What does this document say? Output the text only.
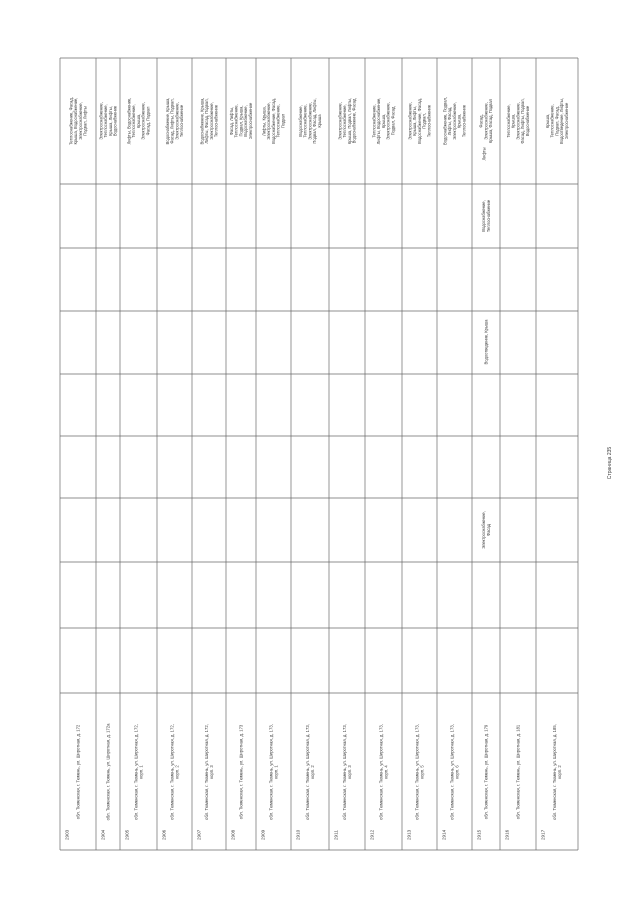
2903
обл. Тюменская, г. Тюмень, ул. Широтная, д. 172
Теплоснабжение, Фасад, Крыша, Водоснабжение, Электроснабжение, Подвал, Лифты
2904
обл. Тюменская, г. Тюмень, ул. Широтная, д. 172а
Электроснабжение, Теплоснабжение, Крыша, Лифты, Водоснабжение
2905
обл. Тюменская, г. Тюмень, ул. Широтная, д. 172, корп. 1
Лифты, Водоснабжение, Теплоснабжение, Крыша, Электроснабжение, Фасад, Подвал
2906
обл. Тюменская, г. Тюмень, ул. Широтная, д. 172, корп. 2
Водоснабжение, Крыша, Фасад, Лифты, Подвал, Электроснабжение, Теплоснабжение
2907
обл. Тюменская, г. Тюмень, ул. Широтная, д. 172, корп. 3
Водоснабжение, Крыша, Лифты, Фасад, Подвал, Электроснабжение, Теплоснабжение
2908
обл. Тюменская, г. Тюмень, ул. Широтная, д. 173
Фасад, Лифты, Теплоснабжение, Подвал, Крыша, Водоснабжение, Электроснабжение
2909
обл. Тюменская, г. Тюмень, ул. Широтная, д. 173, корп. 1
Лифты, Крыша, Электроснабжение, Водоснабжение, Фасад, Теплоснабжение, Подвал
2910
обл. Тюменская, г. Тюмень, ул. Широтная, д. 173, корп. 2
Водоснабжение, Теплоснабжение, Электроснабжение, Подвал, Фасад, Лифты, Крыша
2911
обл. Тюменская, г. Тюмень, ул. Широтная, д. 173, корп. 3
Электроснабжение, Теплоснабжение, Крыша, Подвал, Лифты, Водоснабжение, Фасад
2912
обл. Тюменская, г. Тюмень, ул. Широтная, д. 173, корп. 4
Теплоснабжение, Лифты, Водоснабжение, Крыша, Электроснабжение, Подвал, Фасад
2913
обл. Тюменская, г. Тюмень, ул. Широтная, д. 173, корп. 5
Электроснабжение, Крыша, Лифты, Водоснабжение, Фасад, Подвал, Теплоснабжение
2914
обл. Тюменская, г. Тюмень, ул. Широтная, д. 173, корп. 6
Водоснабжение, Подвал, Лифты, Фасад, Электроснабжение, Крыша, Теплоснабжение
2915
обл. Тюменская, г. Тюмень, ул. Широтная, д. 179
Фасад, Электроснабжение, Крыша, Фасад, Подвал
Электроснабжение, Фасад
Водоотведение, Крыша
Водоснабжение, Теплоснабжение
Лифты
2916
обл. Тюменская, г. Тюмень, ул. Широтная, д. 181
Теплоснабжение, Крыша, Электроснабжение, Фасад, Лифты, Подвал, Водоснабжение
2917
обл. Тюменская, г. Тюмень, ул. Широтная, д. 185, корп. 2
Крыша, Теплоснабжение, Подвал, Фасад, Водоотведение, Лифты, Электроснабжение
Страница 235
